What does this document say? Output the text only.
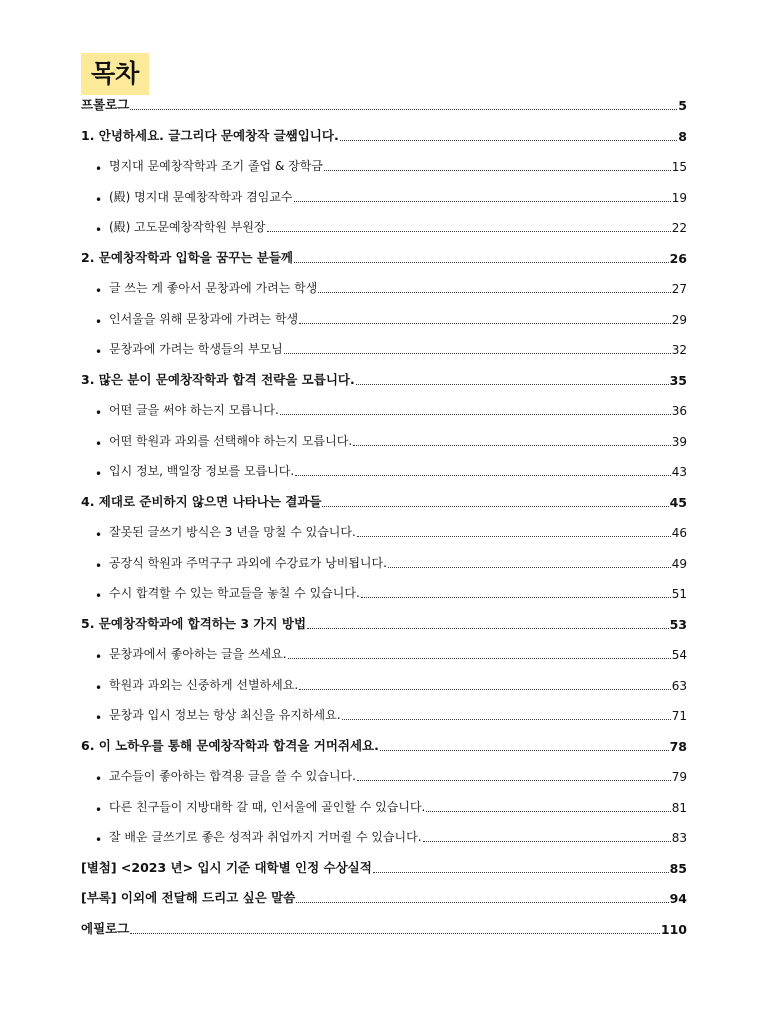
목차
프롤로그	5
1. 안녕하세요. 글그리다 문예창작 글쌤입니다.	8
• 명지대 문예창작학과 조기 졸업 & 장학금	15
• (殿) 명지대 문예창작학과 겸임교수	19
• (殿) 고도문예창작학원 부원장	22
2. 문예창작학과 입학을 꿈꾸는 분들께	26
• 글 쓰는 게 좋아서 문창과에 가려는 학생	27
• 인서울을 위해 문창과에 가려는 학생	29
• 문창과에 가려는 학생들의 부모님	32
3. 많은 분이 문예창작학과 합격 전략을 모릅니다.	35
• 어떤 글을 써야 하는지 모릅니다.	36
• 어떤 학원과 과외를 선택해야 하는지 모릅니다.	39
• 입시 정보, 백일장 정보를 모릅니다.	43
4. 제대로 준비하지 않으면 나타나는 결과들	45
• 잘못된 글쓰기 방식은 3 년을 망칠 수 있습니다.	46
• 공장식 학원과 주먹구구 과외에 수강료가 낭비됩니다.	49
• 수시 합격할 수 있는 학교들을 놓칠 수 있습니다.	51
5. 문예창작학과에 합격하는 3 가지 방법	53
• 문창과에서 좋아하는 글을 쓰세요.	54
• 학원과 과외는 신중하게 선별하세요.	63
• 문창과 입시 정보는 항상 최신을 유지하세요.	71
6. 이 노하우를 통해 문예창작학과 합격을 거머쥐세요.	78
• 교수들이 좋아하는 합격용 글을 쓸 수 있습니다.	79
• 다른 친구들이 지방대학 갈 때, 인서울에 골인할 수 있습니다.	81
• 잘 배운 글쓰기로 좋은 성적과 취업까지 거머쥘 수 있습니다.	83
[별첨] <2023 년> 입시 기준 대학별 인정 수상실적	85
[부록] 이외에 전달해 드리고 싶은 말씀	94
에필로그	110
